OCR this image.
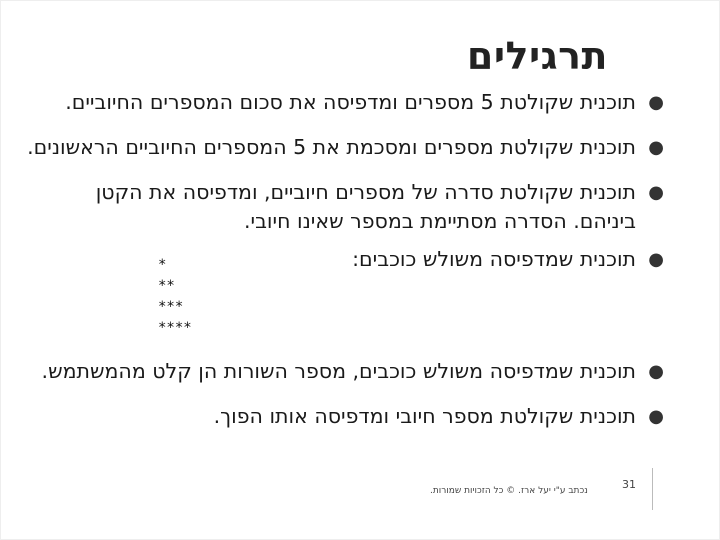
תרגילים
●
תוכנית שקולטת 5 מספרים ומדפיסה את סכום המספרים החיוביים.
●
תוכנית שקולטת מספרים ומסכמת את 5 המספרים החיוביים הראשונים.
●
תוכנית שקולטת סדרה של מספרים חיוביים, ומדפיסה את הקטן ביניהם. הסדרה מסתיימת במספר שאינו חיובי.
●
תוכנית שמדפיסה משולש כוכבים:
●
תוכנית שמדפיסה משולש כוכבים, מספר השורות הן קלט מהמשתמש.
●
תוכנית שקולטת מספר חיובי ומדפיסה אותו הפוך.
*
**
***
****
נכתב ע"י יעל ארז. © כל הזכויות שמורות.	31
